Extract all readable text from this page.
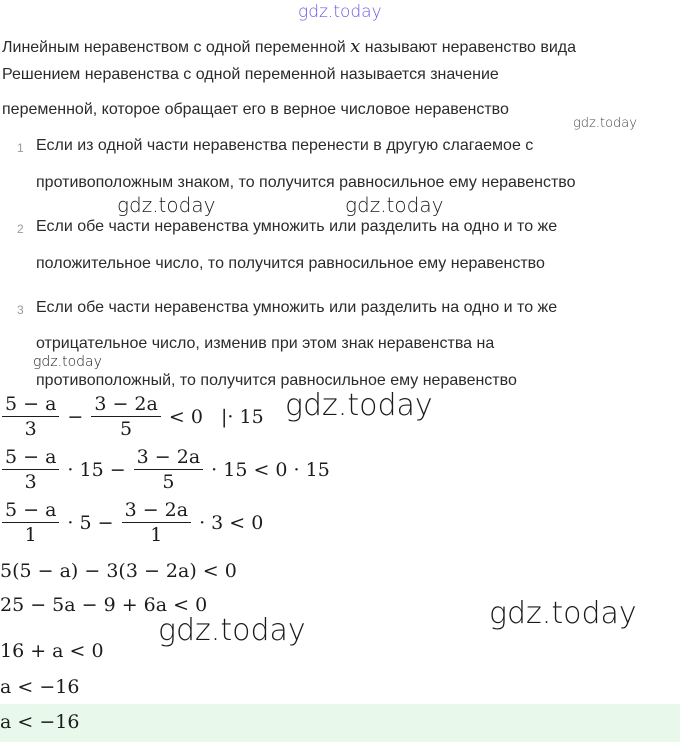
gdz.today
Линейным неравенством с одной переменной x называют неравенство вида
Решением неравенства с одной переменной называется значение
переменной, которое обращает его в верное числовое неравенство
gdz.today
1 Если из одной части неравенства перенести в другую слагаемое с
противоположным знаком, то получится равносильное ему неравенство
gdz.today	gdz.today
2 Если обе части неравенства умножить или разделить на одно и то же
положительное число, то получится равносильное ему неравенство
3 Если обе части неравенства умножить или разделить на одно и то же
отрицательное число, изменив при этом знак неравенства на
gdz.today
противоположный, то получится равносильное ему неравенство
gdz.today
$\frac{5 - a}{3} - \frac{3 - 2a}{5} < 0$   |· 15
$\frac{5 - a}{3} \cdot 15 - \frac{3 - 2a}{5} \cdot 15 < 0 \cdot 15$
$\frac{5 - a}{1} \cdot 5 - \frac{3 - 2a}{1} \cdot 3 < 0$
5(5 − a) − 3(3 − 2a) < 0
25 − 5a − 9 + 6a < 0	gdz.today
gdz.today
16 + a < 0
a < −16
a < −16
